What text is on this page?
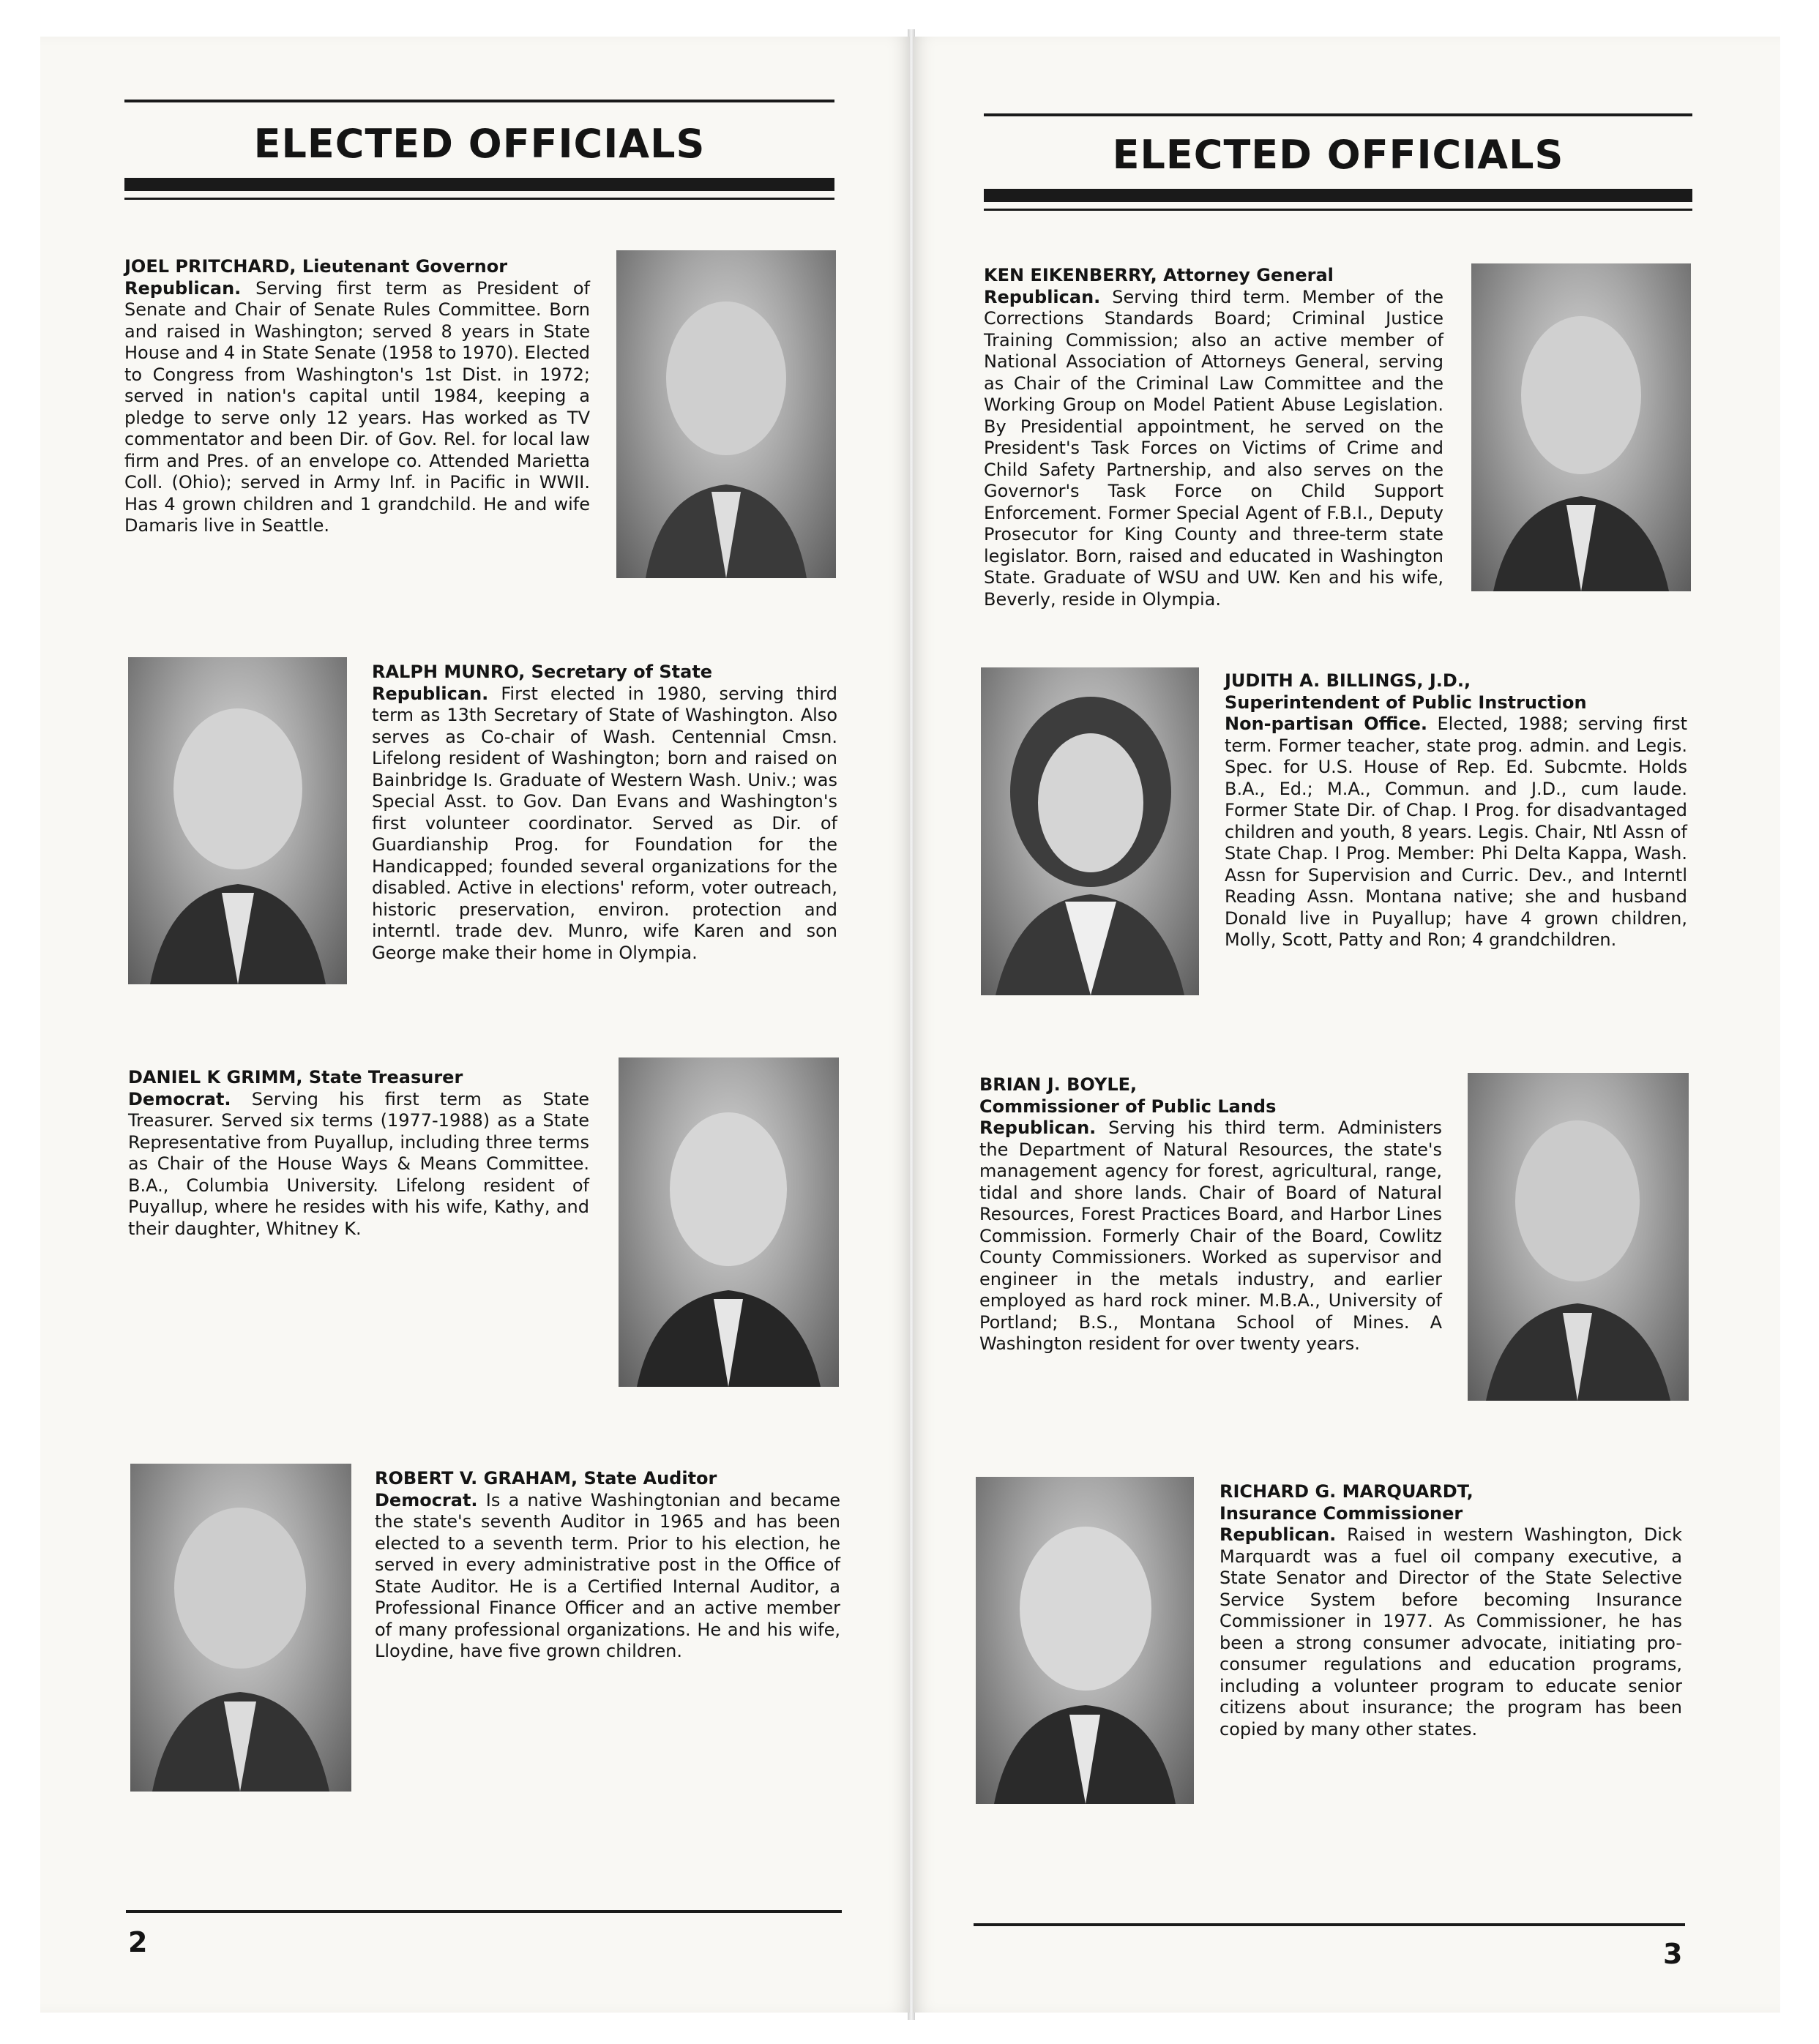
ELECTED OFFICIALS
JOEL PRITCHARD, Lieutenant Governor
Republican. Serving first term as President of Senate and Chair of Senate Rules Committee. Born and raised in Washington; served 8 years in State House and 4 in State Senate (1958 to 1970). Elected to Congress from Washington's 1st Dist. in 1972; served in nation's capital until 1984, keeping a pledge to serve only 12 years. Has worked as TV commentator and been Dir. of Gov. Rel. for local law firm and Pres. of an envelope co. Attended Marietta Coll. (Ohio); served in Army Inf. in Pacific in WWII. Has 4 grown children and 1 grandchild. He and wife Damaris live in Seattle.
RALPH MUNRO, Secretary of State
Republican. First elected in 1980, serving third term as 13th Secretary of State of Washington. Also serves as Co-chair of Wash. Centennial Cmsn. Lifelong resident of Washington; born and raised on Bainbridge Is. Graduate of Western Wash. Univ.; was Special Asst. to Gov. Dan Evans and Washington's first volunteer coordinator. Served as Dir. of Guardianship Prog. for Foundation for the Handicapped; founded several organizations for the disabled. Active in elections' reform, voter outreach, historic preservation, environ. protection and interntl. trade dev. Munro, wife Karen and son George make their home in Olympia.
DANIEL K GRIMM, State Treasurer
Democrat. Serving his first term as State Treasurer. Served six terms (1977-1988) as a State Representative from Puyallup, including three terms as Chair of the House Ways & Means Committee. B.A., Columbia University. Lifelong resident of Puyallup, where he resides with his wife, Kathy, and their daughter, Whitney K.
ROBERT V. GRAHAM, State Auditor
Democrat. Is a native Washingtonian and became the state's seventh Auditor in 1965 and has been elected to a seventh term. Prior to his election, he served in every administrative post in the Office of State Auditor. He is a Certified Internal Auditor, a Professional Finance Officer and an active member of many professional organizations. He and his wife, Lloydine, have five grown children.
2
ELECTED OFFICIALS
KEN EIKENBERRY, Attorney General
Republican. Serving third term. Member of the Corrections Standards Board; Criminal Justice Training Commission; also an active member of National Association of Attorneys General, serving as Chair of the Criminal Law Committee and the Working Group on Model Patient Abuse Legislation. By Presidential appointment, he served on the President's Task Forces on Victims of Crime and Child Safety Partnership, and also serves on the Governor's Task Force on Child Support Enforcement. Former Special Agent of F.B.I., Deputy Prosecutor for King County and three-term state legislator. Born, raised and educated in Washington State. Graduate of WSU and UW. Ken and his wife, Beverly, reside in Olympia.
JUDITH A. BILLINGS, J.D.,
Superintendent of Public Instruction
Non-partisan Office. Elected, 1988; serving first term. Former teacher, state prog. admin. and Legis. Spec. for U.S. House of Rep. Ed. Subcmte. Holds B.A., Ed.; M.A., Commun. and J.D., cum laude. Former State Dir. of Chap. I Prog. for disadvantaged children and youth, 8 years. Legis. Chair, Ntl Assn of State Chap. I Prog. Member: Phi Delta Kappa, Wash. Assn for Supervision and Curric. Dev., and Interntl Reading Assn. Montana native; she and husband Donald live in Puyallup; have 4 grown children, Molly, Scott, Patty and Ron; 4 grandchildren.
BRIAN J. BOYLE,
Commissioner of Public Lands
Republican. Serving his third term. Administers the Department of Natural Resources, the state's management agency for forest, agricultural, range, tidal and shore lands. Chair of Board of Natural Resources, Forest Practices Board, and Harbor Lines Commission. Formerly Chair of the Board, Cowlitz County Commissioners. Worked as supervisor and engineer in the metals industry, and earlier employed as hard rock miner. M.B.A., University of Portland; B.S., Montana School of Mines. A Washington resident for over twenty years.
RICHARD G. MARQUARDT,
Insurance Commissioner
Republican. Raised in western Washington, Dick Marquardt was a fuel oil company executive, a State Senator and Director of the State Selective Service System before becoming Insurance Commissioner in 1977. As Commissioner, he has been a strong consumer advocate, initiating pro-consumer regulations and education programs, including a volunteer program to educate senior citizens about insurance; the program has been copied by many other states.
3
